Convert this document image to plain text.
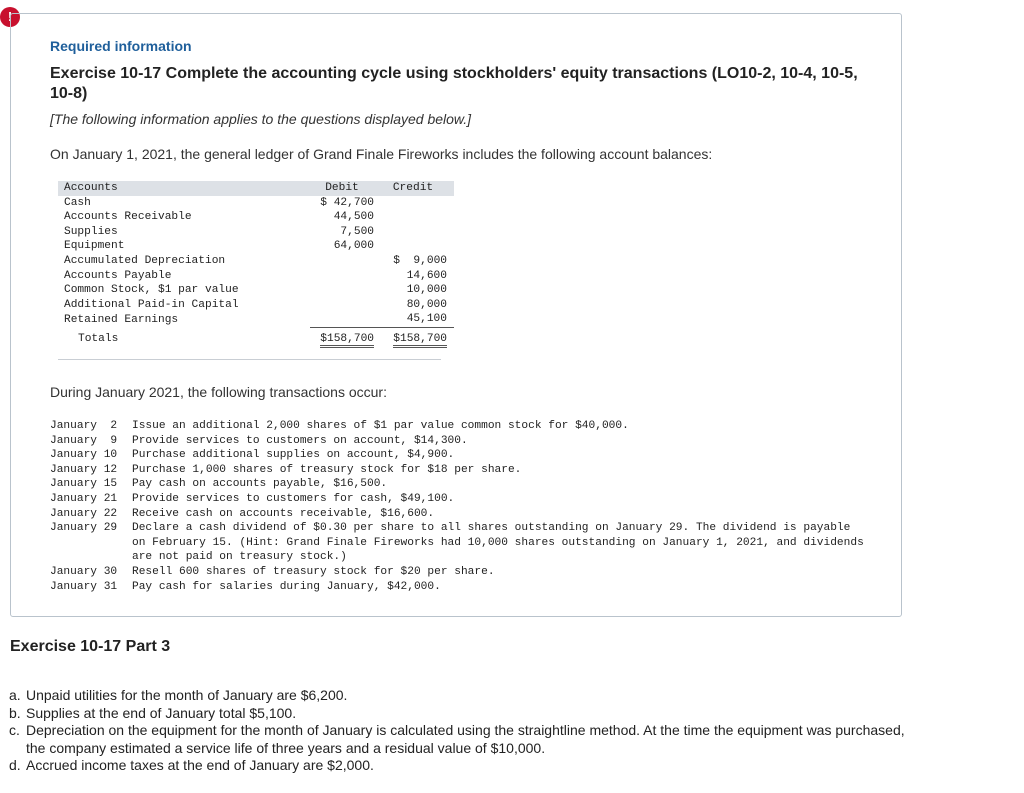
!
Required information
Exercise 10-17 Complete the accounting cycle using stockholders' equity transactions (LO10-2, 10-4, 10-5, 10-8)
[The following information applies to the questions displayed below.]
On January 1, 2021, the general ledger of Grand Finale Fireworks includes the following account balances:
Accounts	Debit	Credit
Cash	$ 42,700	
Accounts Receivable	44,500	
Supplies	7,500	
Equipment	64,000	
Accumulated Depreciation		$  9,000
Accounts Payable		14,600
Common Stock, $1 par value		10,000
Additional Paid-in Capital		80,000
Retained Earnings		45,100
Totals	$158,700	$158,700
During January 2021, the following transactions occur:
January  2	Issue an additional 2,000 shares of $1 par value common stock for $40,000.
January  9	Provide services to customers on account, $14,300.
January 10	Purchase additional supplies on account, $4,900.
January 12	Purchase 1,000 shares of treasury stock for $18 per share.
January 15	Pay cash on accounts payable, $16,500.
January 21	Provide services to customers for cash, $49,100.
January 22	Receive cash on accounts receivable, $16,600.
January 29	Declare a cash dividend of $0.30 per share to all shares outstanding on January 29. The dividend is payable on February 15. (Hint: Grand Finale Fireworks had 10,000 shares outstanding on January 1, 2021, and dividends are not paid on treasury stock.)
January 30	Resell 600 shares of treasury stock for $20 per share.
January 31	Pay cash for salaries during January, $42,000.
Exercise 10-17 Part 3
a. Unpaid utilities for the month of January are $6,200.
b. Supplies at the end of January total $5,100.
c. Depreciation on the equipment for the month of January is calculated using the straightline method. At the time the equipment was purchased, the company estimated a service life of three years and a residual value of $10,000.
d. Accrued income taxes at the end of January are $2,000.
